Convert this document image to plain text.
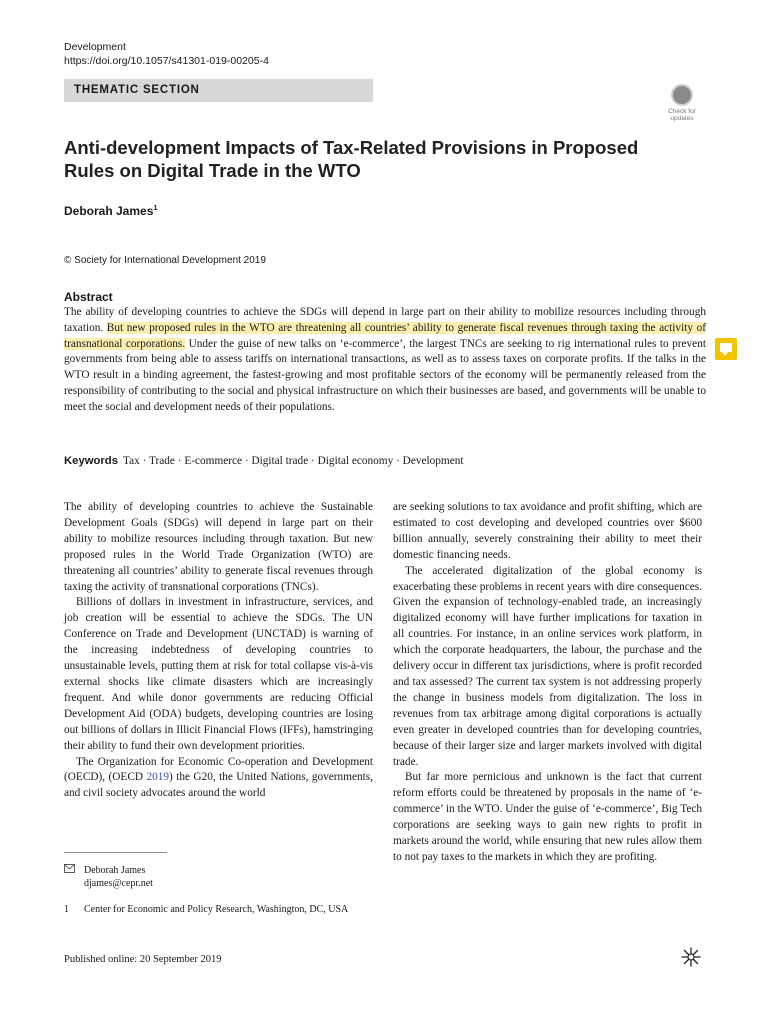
Development
https://doi.org/10.1057/s41301-019-00205-4
THEMATIC SECTION
Check for updates
Anti-development Impacts of Tax-Related Provisions in Proposed Rules on Digital Trade in the WTO
Deborah James$^1$
© Society for International Development 2019
Abstract
The ability of developing countries to achieve the SDGs will depend in large part on their ability to mobilize resources including through taxation. But new proposed rules in the WTO are threatening all countries’ ability to generate fiscal revenues through taxing the activity of transnational corporations. Under the guise of new talks on ‘e-commerce’, the largest TNCs are seeking to rig international rules to prevent governments from being able to assess tariffs on international transactions, as well as to assess taxes on corporate profits. If the talks in the WTO result in a binding agreement, the fastest-growing and most profitable sectors of the economy will be permanently released from the responsibility of contributing to the social and physical infrastructure on which their businesses are based, and governments will be unable to meet the social and development needs of their populations.
Keywords Tax · Trade · E-commerce · Digital trade · Digital economy · Development

The ability of developing countries to achieve the Sustainable Development Goals (SDGs) will depend in large part on their ability to mobilize resources including through taxation. But new proposed rules in the World Trade Organization (WTO) are threatening all countries’ ability to generate fiscal revenues through taxing the activity of transnational corporations (TNCs).

Billions of dollars in investment in infrastructure, services, and job creation will be essential to achieve the SDGs. The UN Conference on Trade and Development (UNCTAD) is warning of the increasing indebtedness of developing countries to unsustainable levels, putting them at risk for total collapse vis-à-vis external shocks like climate disasters which are increasingly frequent. And while donor governments are reducing Official Development Aid (ODA) budgets, developing countries are losing out billions of dollars in Illicit Financial Flows (IFFs), hamstringing their ability to fund their own development priorities.

The Organization for Economic Co-operation and Development (OECD), (OECD 2019) the G20, the United Nations, governments, and civil society advocates around the world

are seeking solutions to tax avoidance and profit shifting, which are estimated to cost developing and developed countries over $600 billion annually, severely constraining their ability to meet their domestic financing needs.

The accelerated digitalization of the global economy is exacerbating these problems in recent years with dire consequences. Given the expansion of technology-enabled trade, an increasingly digitalized economy will have further implications for taxation in all countries. For instance, in an online services work platform, in which the corporate headquarters, the labour, the purchase and the delivery occur in different tax jurisdictions, where is profit recorded and tax assessed? The current tax system is not addressing properly the change in business models from digitalization. The loss in revenues from tax arbitrage among digital corporations is actually even greater in developed countries than for developing countries, because of their larger size and larger markets involved with digital trade.

But far more pernicious and unknown is the fact that current reform efforts could be threatened by proposals in the name of ‘e-commerce’ in the WTO. Under the guise of ‘e-commerce’, Big Tech corporations are seeking ways to gain new rights to profit in markets around the world, while ensuring that new rules allow them to not pay taxes to the markets in which they are profiting.

Deborah James
djames@cepr.net
1 Center for Economic and Policy Research, Washington, DC, USA
Published online: 20 September 2019
